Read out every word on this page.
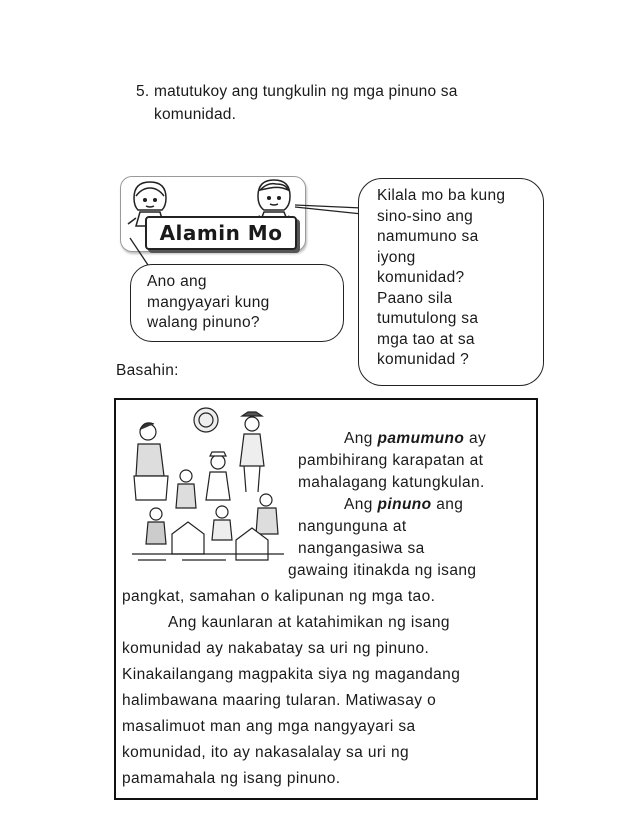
5. matutukoy ang tungkulin ng mga pinuno sa
komunidad.
Alamin Mo
Ano ang
mangyayari kung
walang pinuno?
Kilala mo ba kung
sino-sino ang
namumuno sa
iyong
komunidad?
Paano sila
tumutulong sa
mga tao at sa
komunidad ?
Basahin:
Ang pamumuno ay
pambihirang karapatan at
mahalagang katungkulan.
Ang pinuno ang
nangunguna at
nangangasiwa sa
gawaing itinakda ng isang
pangkat, samahan o kalipunan ng mga tao.
Ang kaunlaran at katahimikan ng isang
komunidad ay nakabatay sa uri ng pinuno.
Kinakailangang magpakita siya ng magandang
halimbawana maaring tularan. Matiwasay o
masalimuot man ang mga nangyayari sa
komunidad, ito ay nakasalalay sa uri ng
pamamahala ng isang pinuno.
